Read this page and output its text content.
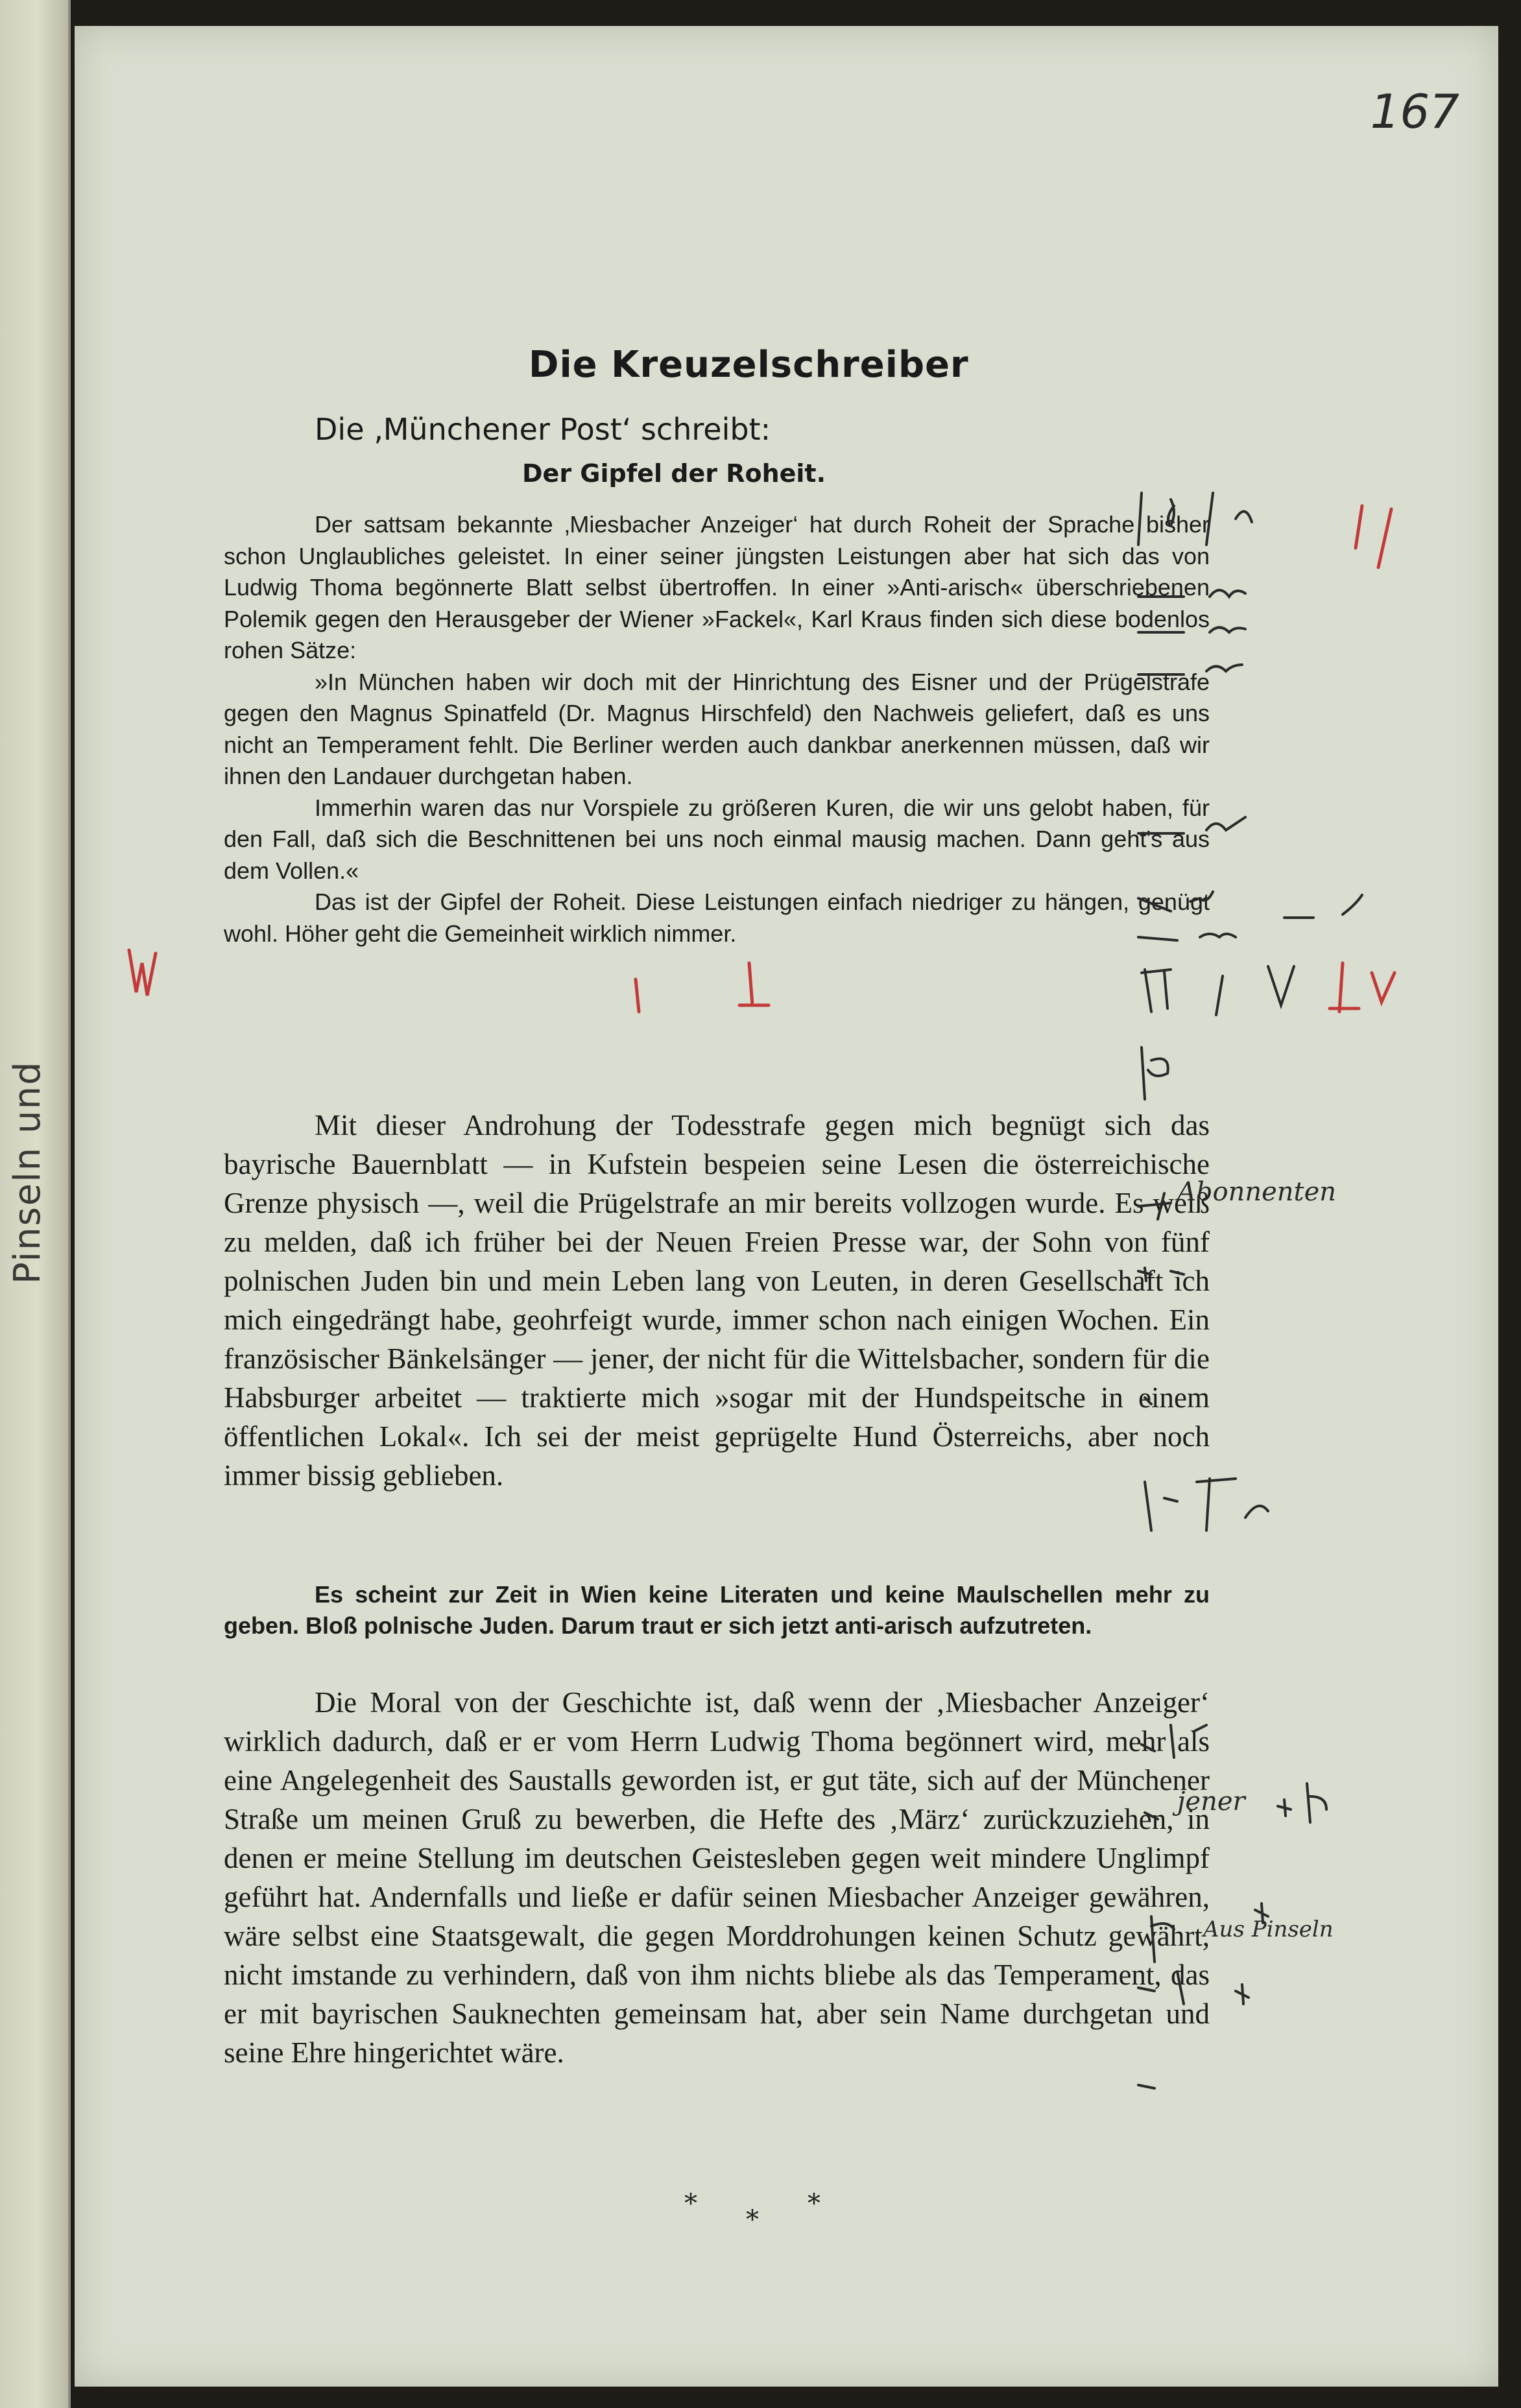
Pinseln und
167
Die Kreuzelschreiber
Die ‚Münchener Post‘ schreibt:
Der Gipfel der Roheit.

Der sattsam bekannte ‚Miesbacher Anzeiger‘ hat durch Roheit der Sprache bisher schon Unglaubliches geleistet. In einer seiner jüngsten Leistungen aber hat sich das von Ludwig Thoma begönnerte Blatt selbst übertroffen. In einer »Anti-arisch« überschriebenen Polemik gegen den Herausgeber der Wiener »Fackel«, Karl Kraus finden sich diese bodenlos rohen Sätze:

»In München haben wir doch mit der Hinrichtung des Eisner und der Prügelstrafe gegen den Magnus Spinatfeld (Dr. Magnus Hirschfeld) den Nachweis geliefert, daß es uns nicht an Temperament fehlt. Die Berliner werden auch dankbar anerkennen müssen, daß wir ihnen den Landauer durchgetan haben.

Immerhin waren das nur Vorspiele zu größeren Kuren, die wir uns gelobt haben, für den Fall, daß sich die Beschnittenen bei uns noch einmal mausig machen. Dann geht's aus dem Vollen.«

Das ist der Gipfel der Roheit. Diese Leistungen einfach niedriger zu hängen, genügt wohl. Höher geht die Gemeinheit wirklich nimmer.

Mit dieser Androhung der Todesstrafe gegen mich begnügt sich das bayrische Bauernblatt — in Kufstein bespeien seine Lesen die österreichische Grenze physisch —, weil die Prügelstrafe an mir bereits vollzogen wurde. Es weiß zu melden, daß ich früher bei der Neuen Freien Presse war, der Sohn von fünf polnischen Juden bin und mein Leben lang von Leuten, in deren Gesellschaft ich mich eingedrängt habe, geohrfeigt wurde, immer schon nach einigen Wochen. Ein französischer Bänkelsänger — jener, der nicht für die Wittelsbacher, sondern für die Habsburger arbeitet — traktierte mich »sogar mit der Hundspeitsche in einem öffentlichen Lokal«. Ich sei der meist geprügelte Hund Österreichs, aber noch immer bissig geblieben.

Es scheint zur Zeit in Wien keine Literaten und keine Maulschellen mehr zu geben. Bloß polnische Juden. Darum traut er sich jetzt anti-arisch aufzutreten.

Die Moral von der Geschichte ist, daß wenn der ‚Miesbacher Anzeiger‘ wirklich dadurch, daß er er vom Herrn Ludwig Thoma begönnert wird, mehr als eine Angelegenheit des Saustalls geworden ist, er gut täte, sich auf der Münchener Straße um meinen Gruß zu bewerben, die Hefte des ‚März‘ zurückzuziehen, in denen er meine Stellung im deutschen Geistesleben gegen weit mindere Unglimpf geführt hat. Andernfalls und ließe er dafür seinen Miesbacher Anzeiger gewähren, wäre selbst eine Staatsgewalt, die gegen Morddrohungen keinen Schutz gewährt, nicht imstande zu verhindern, daß von ihm nichts bliebe als das Temperament, das er mit bayrischen Sauknechten gemeinsam hat, aber sein Name durchgetan und seine Ehre hingerichtet wäre.

*
*
*
Abonnenten
jener
Aus Pinseln
